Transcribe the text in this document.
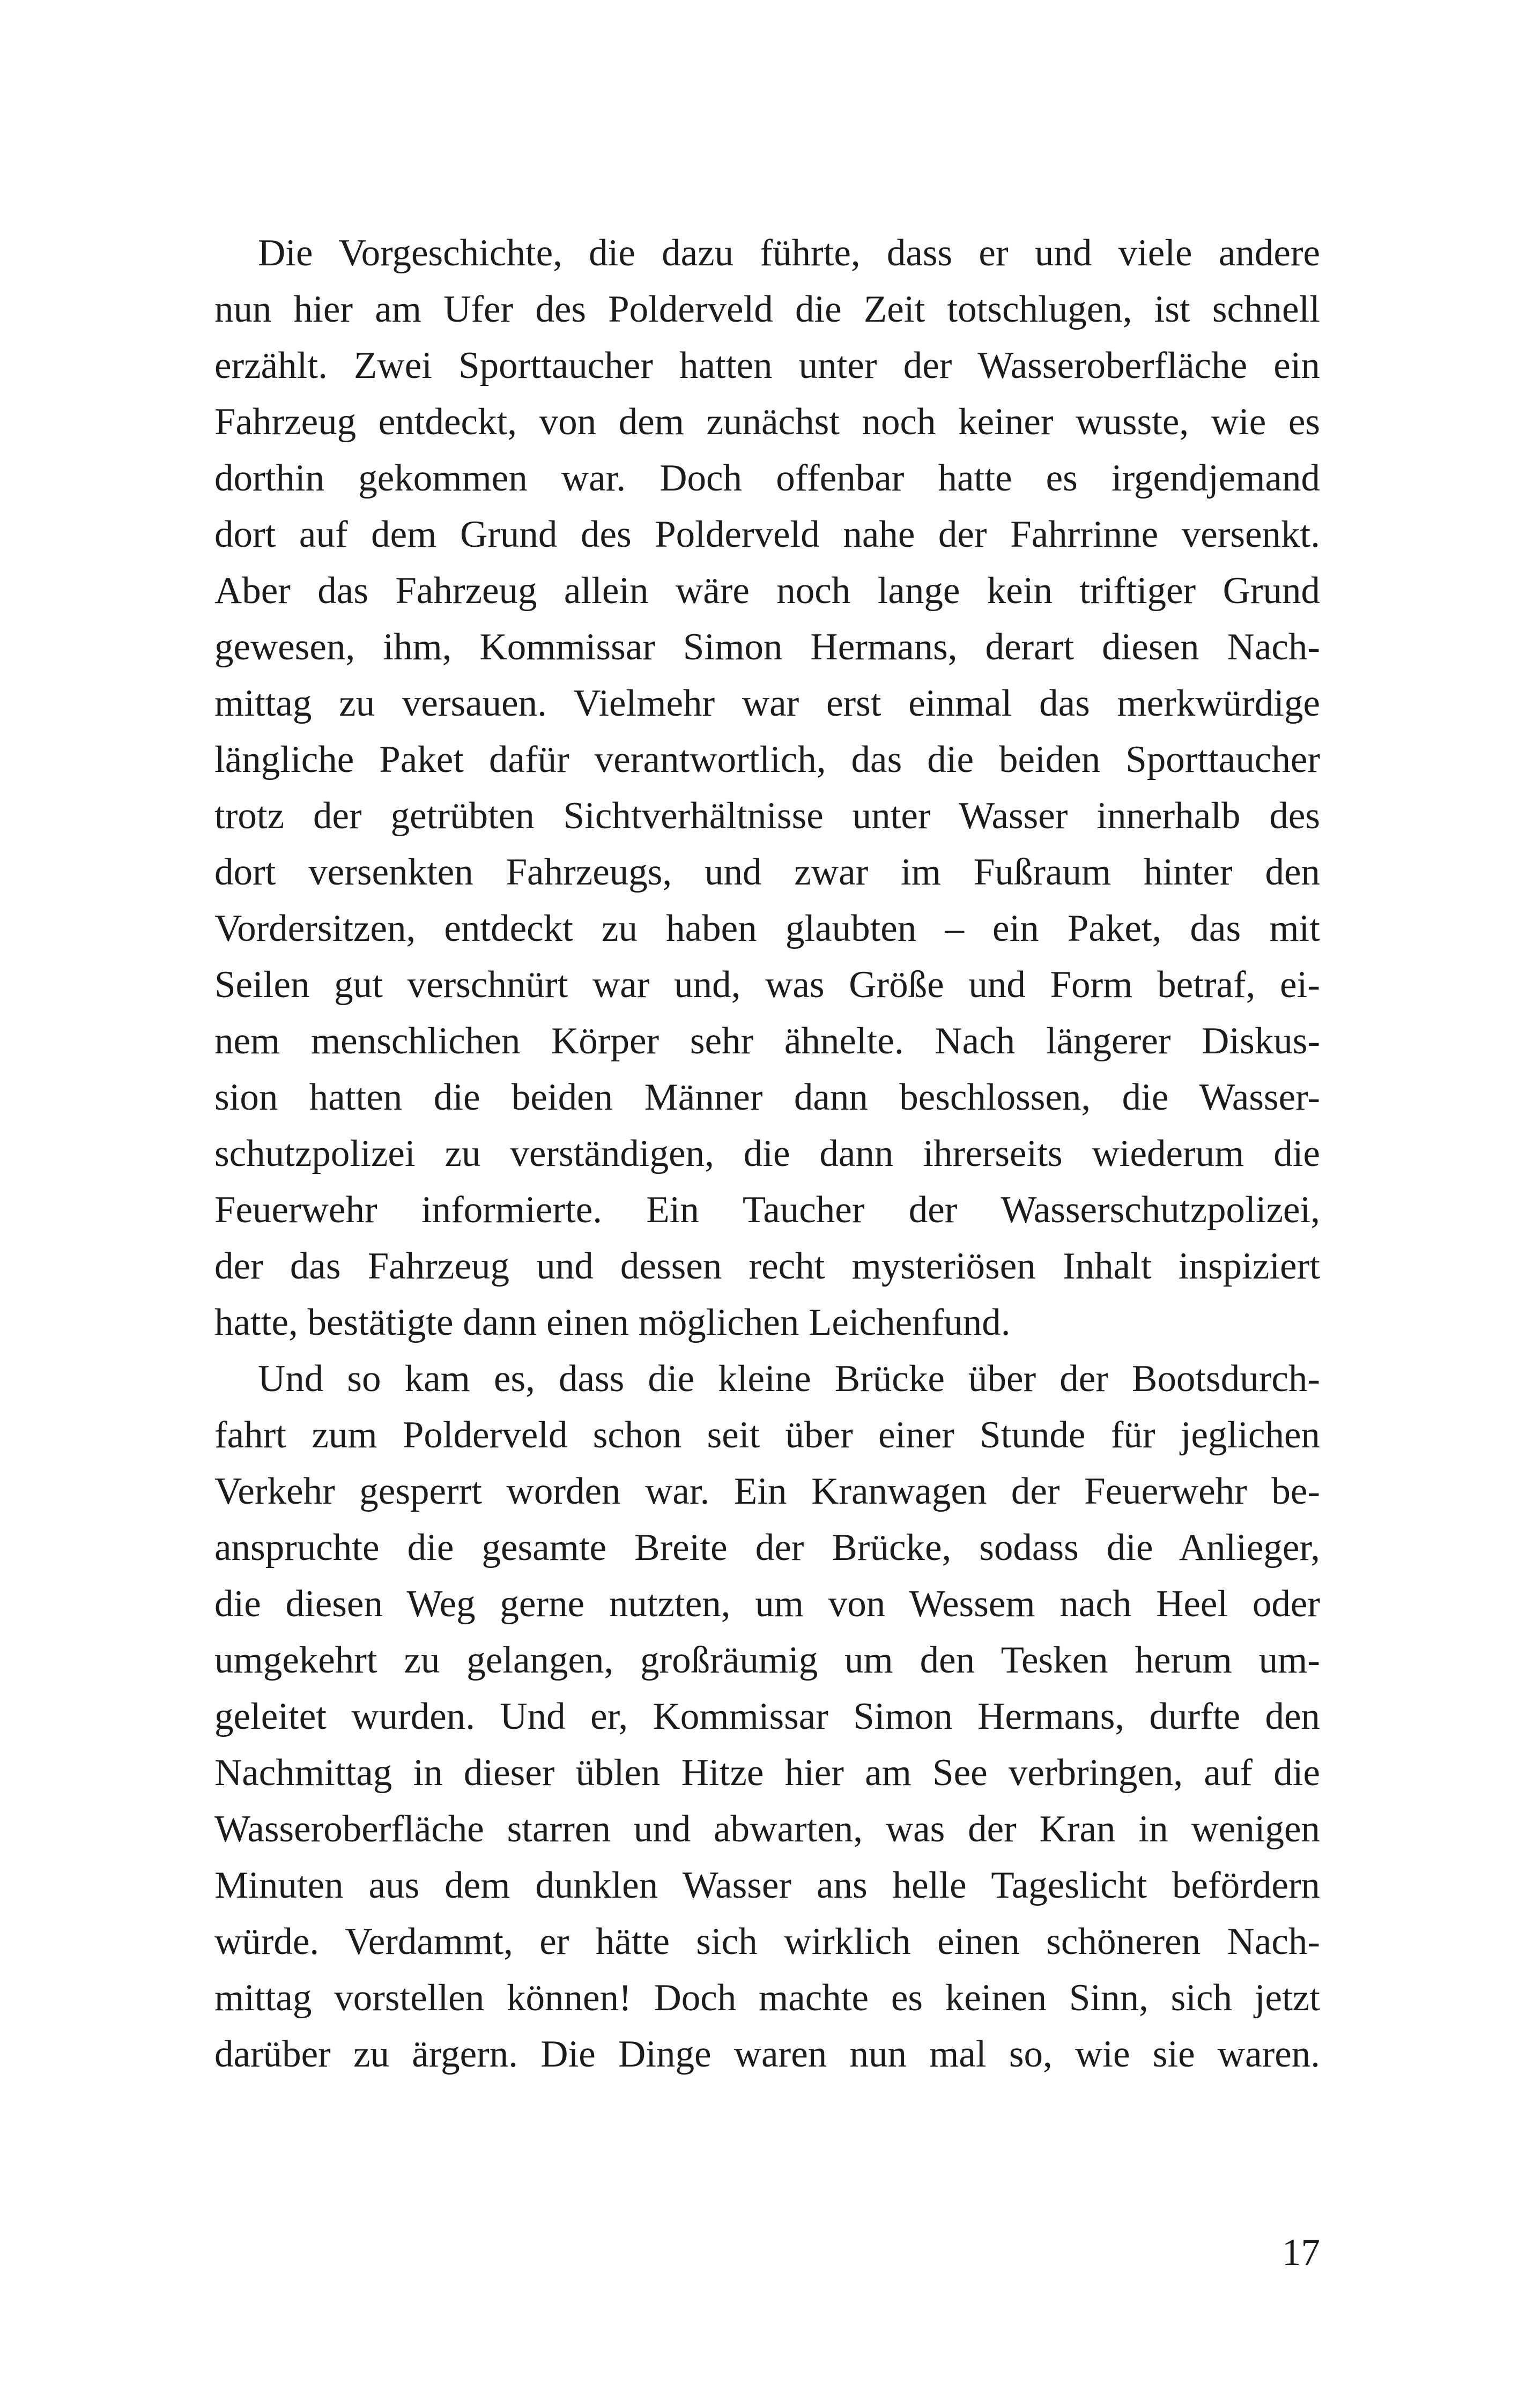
Die Vorgeschichte, die dazu führte, dass er und viele andere
nun hier am Ufer des Polderveld die Zeit totschlugen, ist schnell
erzählt. Zwei Sporttaucher hatten unter der Wasseroberfläche ein
Fahrzeug entdeckt, von dem zunächst noch keiner wusste, wie es
dorthin gekommen war. Doch offenbar hatte es irgendjemand
dort auf dem Grund des Polderveld nahe der Fahrrinne versenkt.
Aber das Fahrzeug allein wäre noch lange kein triftiger Grund
gewesen, ihm, Kommissar Simon Hermans, derart diesen Nach-
mittag zu versauen. Vielmehr war erst einmal das merkwürdige
längliche Paket dafür verantwortlich, das die beiden Sporttaucher
trotz der getrübten Sichtverhältnisse unter Wasser innerhalb des
dort versenkten Fahrzeugs, und zwar im Fußraum hinter den
Vordersitzen, entdeckt zu haben glaubten – ein Paket, das mit
Seilen gut verschnürt war und, was Größe und Form betraf, ei-
nem menschlichen Körper sehr ähnelte. Nach längerer Diskus-
sion hatten die beiden Männer dann beschlossen, die Wasser-
schutzpolizei zu verständigen, die dann ihrerseits wiederum die
Feuerwehr informierte. Ein Taucher der Wasserschutzpolizei,
der das Fahrzeug und dessen recht mysteriösen Inhalt inspiziert
hatte, bestätigte dann einen möglichen Leichenfund.
Und so kam es, dass die kleine Brücke über der Bootsdurch-
fahrt zum Polderveld schon seit über einer Stunde für jeglichen
Verkehr gesperrt worden war. Ein Kranwagen der Feuerwehr be-
anspruchte die gesamte Breite der Brücke, sodass die Anlieger,
die diesen Weg gerne nutzten, um von Wessem nach Heel oder
umgekehrt zu gelangen, großräumig um den Tesken herum um-
geleitet wurden. Und er, Kommissar Simon Hermans, durfte den
Nachmittag in dieser üblen Hitze hier am See verbringen, auf die
Wasseroberfläche starren und abwarten, was der Kran in wenigen
Minuten aus dem dunklen Wasser ans helle Tageslicht befördern
würde. Verdammt, er hätte sich wirklich einen schöneren Nach-
mittag vorstellen können! Doch machte es keinen Sinn, sich jetzt
darüber zu ärgern. Die Dinge waren nun mal so, wie sie waren.
17
